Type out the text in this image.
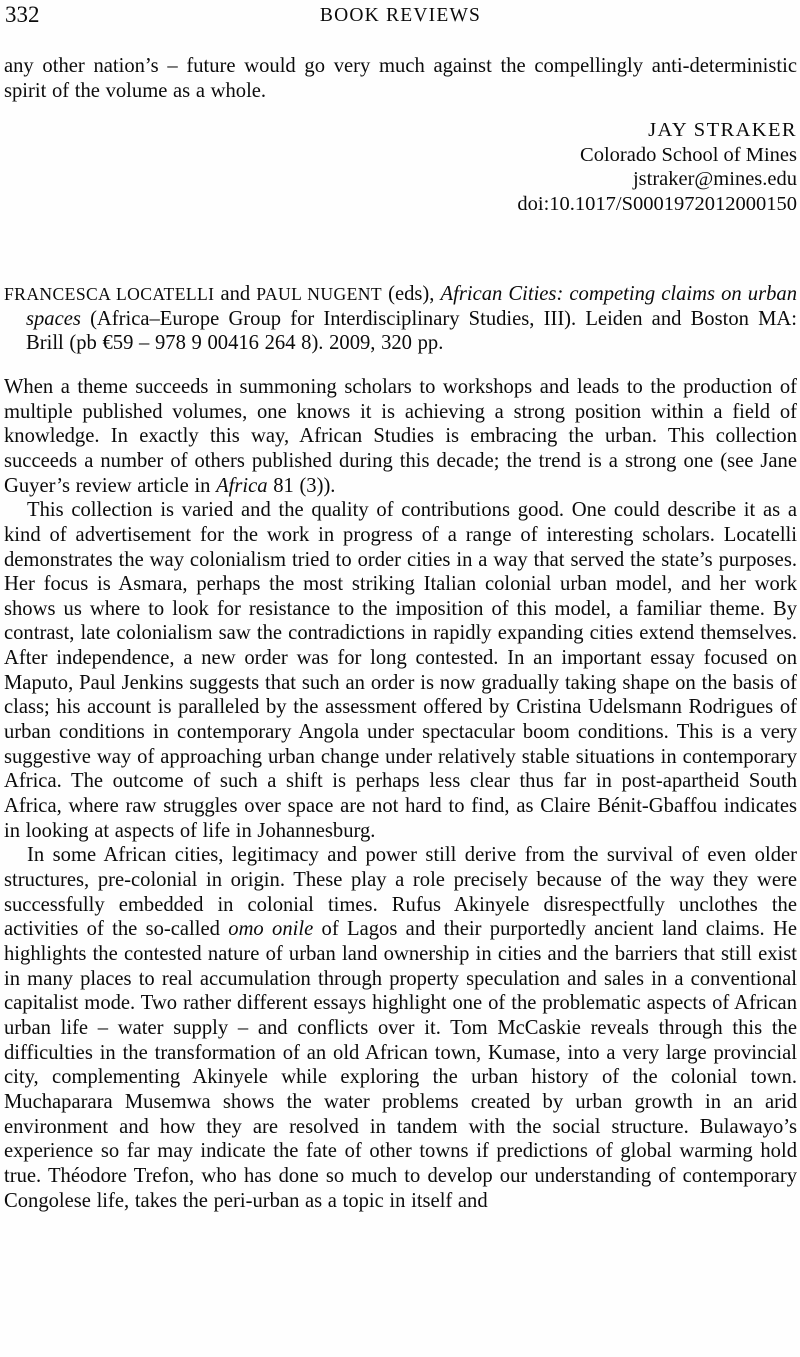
332	BOOK REVIEWS

any other nation’s – future would go very much against the compellingly anti-deterministic spirit of the volume as a whole.

JAY STRAKER
Colorado School of Mines
jstraker@mines.edu
doi:10.1017/S0001972012000150

FRANCESCA LOCATELLI and PAUL NUGENT (eds), African Cities: competing claims on urban spaces (Africa–Europe Group for Interdisciplinary Studies, III). Leiden and Boston MA: Brill (pb €59 – 978 9 00416 264 8). 2009, 320 pp.

When a theme succeeds in summoning scholars to workshops and leads to the production of multiple published volumes, one knows it is achieving a strong position within a field of knowledge. In exactly this way, African Studies is embracing the urban. This collection succeeds a number of others published during this decade; the trend is a strong one (see Jane Guyer’s review article in Africa 81 (3)).

This collection is varied and the quality of contributions good. One could describe it as a kind of advertisement for the work in progress of a range of interesting scholars. Locatelli demonstrates the way colonialism tried to order cities in a way that served the state’s purposes. Her focus is Asmara, perhaps the most striking Italian colonial urban model, and her work shows us where to look for resistance to the imposition of this model, a familiar theme. By contrast, late colonialism saw the contradictions in rapidly expanding cities extend themselves. After independence, a new order was for long contested. In an important essay focused on Maputo, Paul Jenkins suggests that such an order is now gradually taking shape on the basis of class; his account is paralleled by the assessment offered by Cristina Udelsmann Rodrigues of urban conditions in contemporary Angola under spectacular boom conditions. This is a very suggestive way of approaching urban change under relatively stable situations in contemporary Africa. The outcome of such a shift is perhaps less clear thus far in post-apartheid South Africa, where raw struggles over space are not hard to find, as Claire Bénit-Gbaffou indicates in looking at aspects of life in Johannesburg.

In some African cities, legitimacy and power still derive from the survival of even older structures, pre-colonial in origin. These play a role precisely because of the way they were successfully embedded in colonial times. Rufus Akinyele disrespectfully unclothes the activities of the so-called omo onile of Lagos and their purportedly ancient land claims. He highlights the contested nature of urban land ownership in cities and the barriers that still exist in many places to real accumulation through property speculation and sales in a conventional capitalist mode. Two rather different essays highlight one of the problematic aspects of African urban life – water supply – and conflicts over it. Tom McCaskie reveals through this the difficulties in the transformation of an old African town, Kumase, into a very large provincial city, complementing Akinyele while exploring the urban history of the colonial town. Muchaparara Musemwa shows the water problems created by urban growth in an arid environment and how they are resolved in tandem with the social structure. Bulawayo’s experience so far may indicate the fate of other towns if predictions of global warming hold true. Théodore Trefon, who has done so much to develop our understanding of contemporary Congolese life, takes the peri-urban as a topic in itself and
